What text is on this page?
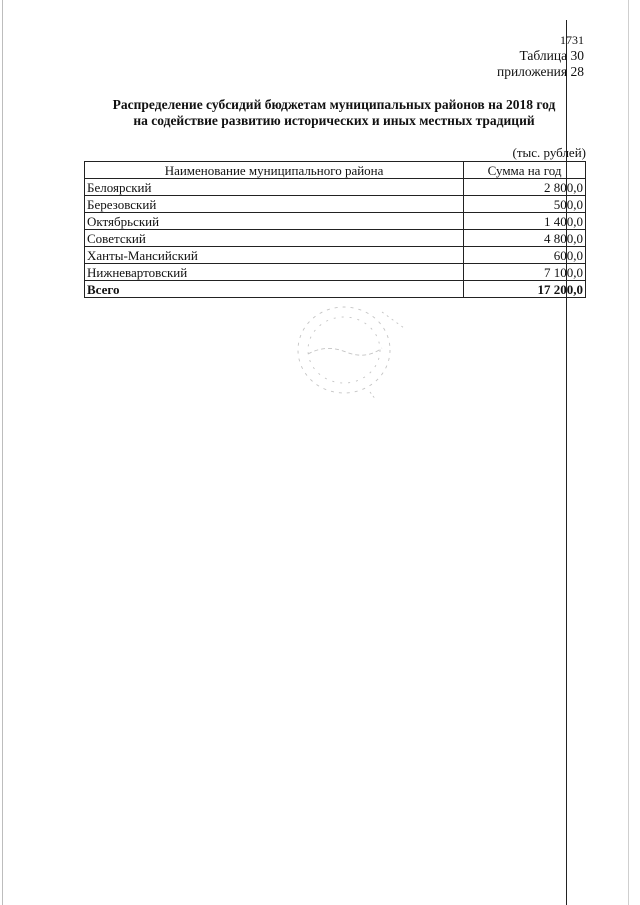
1731
Таблица 30
приложения 28
Распределение субсидий бюджетам муниципальных районов на 2018 год
на содействие развитию исторических и иных местных традиций
(тыс. рублей)
Наименование муниципального района	Сумма на год
Белоярский	2 800,0
Березовский	500,0
Октябрьский	1 400,0
Советский	4 800,0
Ханты-Мансийский	600,0
Нижневартовский	7 100,0
Всего	17 200,0
